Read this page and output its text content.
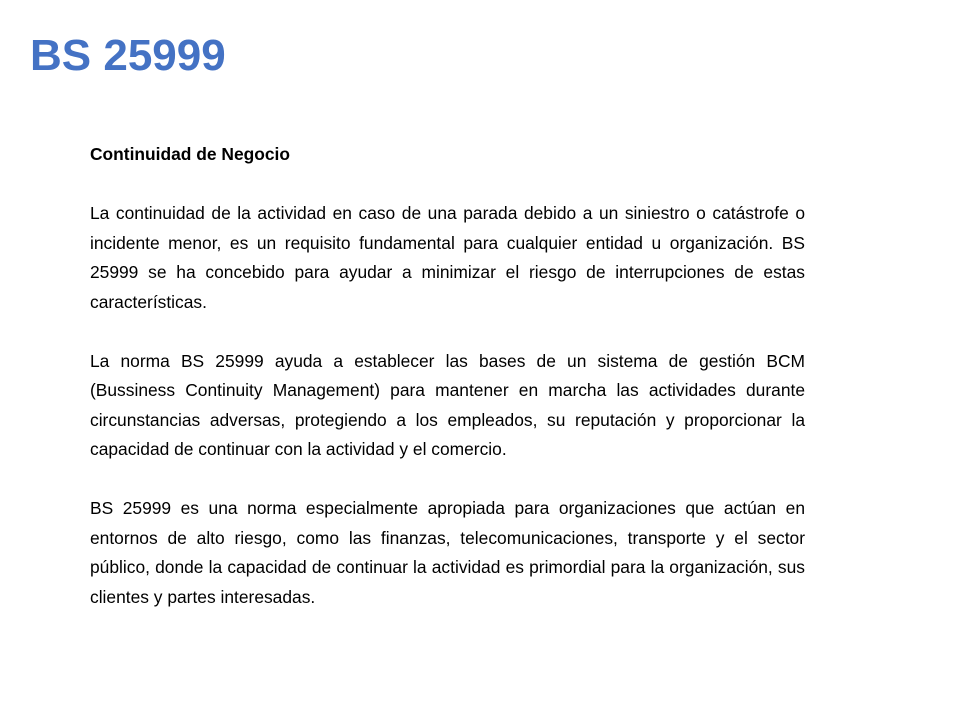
BS 25999

Continuidad de Negocio

La continuidad de la actividad en caso de una parada debido a un siniestro o catástrofe o incidente menor, es un requisito fundamental para cualquier entidad u organización. BS 25999 se ha concebido para ayudar a minimizar el riesgo de interrupciones de estas características.

La norma BS 25999 ayuda a establecer las bases de un sistema de gestión BCM (Bussiness Continuity Management) para mantener en marcha las actividades durante circunstancias adversas, protegiendo a los empleados, su reputación y proporcionar la capacidad de continuar con la actividad y el comercio.

BS 25999 es una norma especialmente apropiada para organizaciones que actúan en entornos de alto riesgo, como las finanzas, telecomunicaciones, transporte y el sector público, donde la capacidad de continuar la actividad es primordial para la organización, sus clientes y partes interesadas.
